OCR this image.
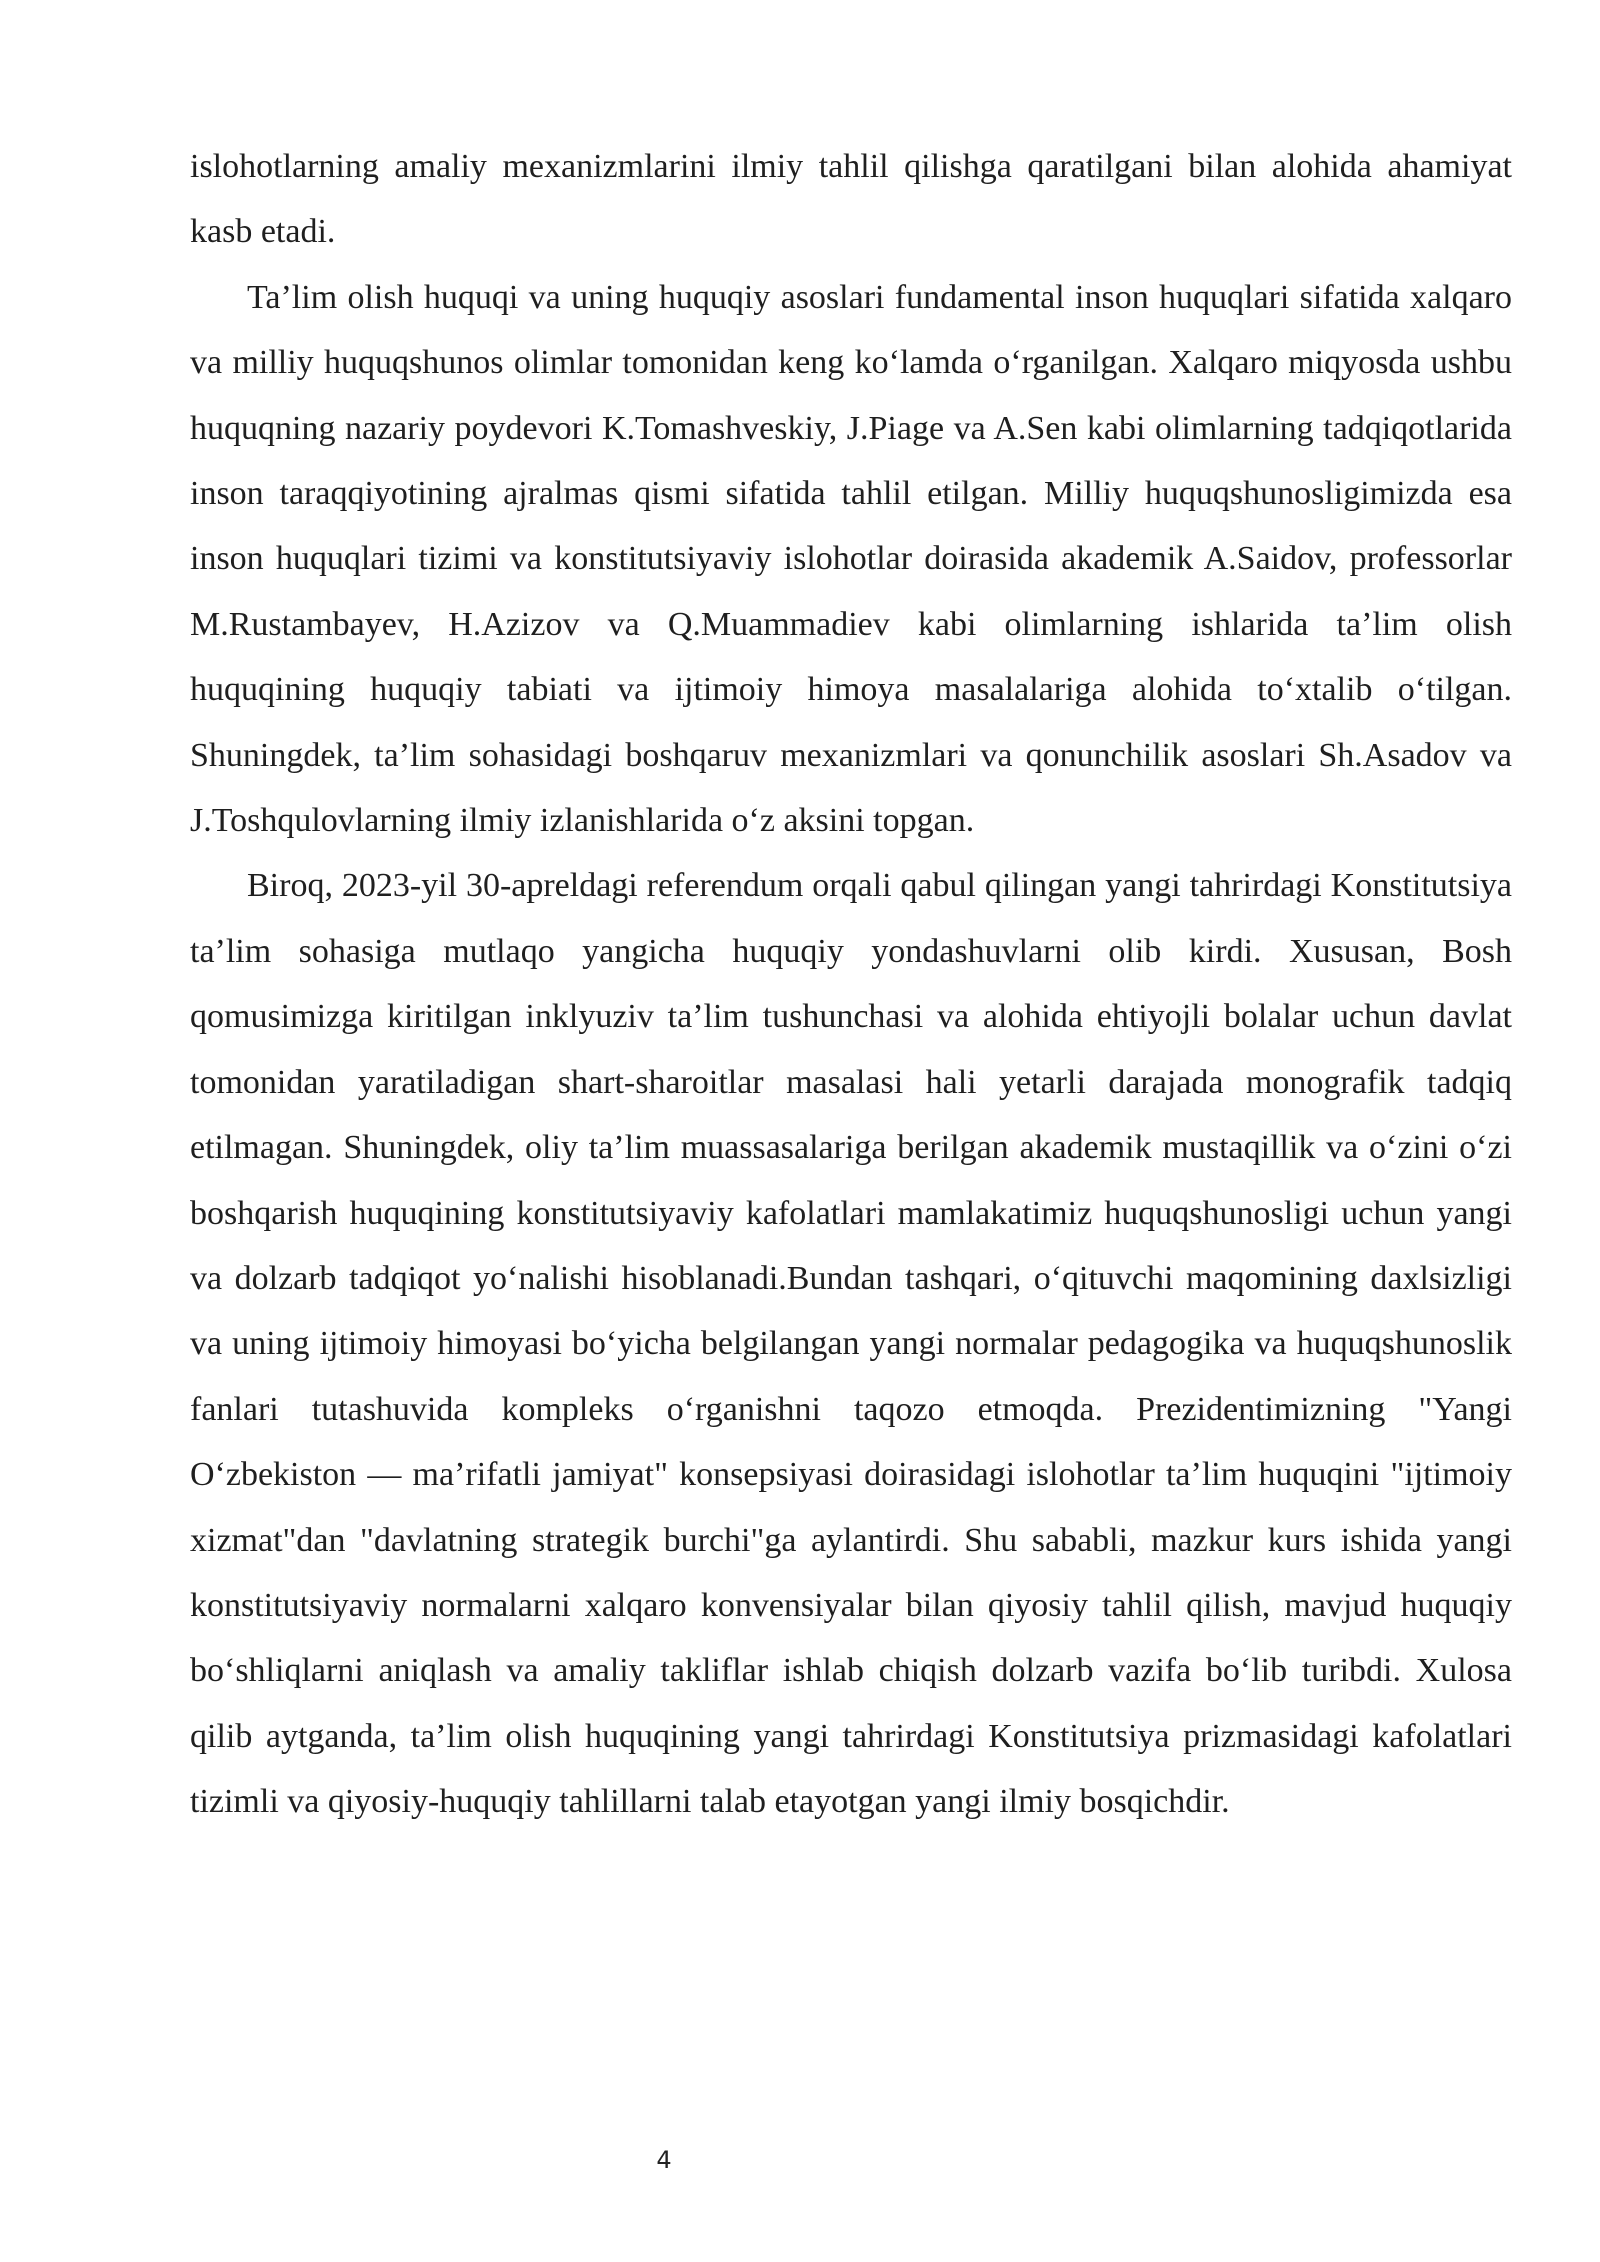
islohotlarning amaliy mexanizmlarini ilmiy tahlil qilishga qaratilgani bilan alohida ahamiyat kasb etadi.

Ta’lim olish huquqi va uning huquqiy asoslari fundamental inson huquqlari sifatida xalqaro va milliy huquqshunos olimlar tomonidan keng ko‘lamda o‘rganilgan. Xalqaro miqyosda ushbu huquqning nazariy poydevori K.Tomashveskiy, J.Piage va A.Sen kabi olimlarning tadqiqotlarida inson taraqqiyotining ajralmas qismi sifatida tahlil etilgan. Milliy huquqshunosligimizda esa inson huquqlari tizimi va konstitutsiyaviy islohotlar doirasida akademik A.Saidov, professorlar M.Rustambayev, H.Azizov va Q.Muammadiev kabi olimlarning ishlarida ta’lim olish huquqining huquqiy tabiati va ijtimoiy himoya masalalariga alohida to‘xtalib o‘tilgan. Shuningdek, ta’lim sohasidagi boshqaruv mexanizmlari va qonunchilik asoslari Sh.Asadov va J.Toshqulovlarning ilmiy izlanishlarida o‘z aksini topgan.

Biroq, 2023-yil 30-apreldagi referendum orqali qabul qilingan yangi tahrirdagi Konstitutsiya ta’lim sohasiga mutlaqo yangicha huquqiy yondashuvlarni olib kirdi. Xususan, Bosh qomusimizga kiritilgan inklyuziv ta’lim tushunchasi va alohida ehtiyojli bolalar uchun davlat tomonidan yaratiladigan shart-sharoitlar masalasi hali yetarli darajada monografik tadqiq etilmagan. Shuningdek, oliy ta’lim muassasalariga berilgan akademik mustaqillik va o‘zini o‘zi boshqarish huquqining konstitutsiyaviy kafolatlari mamlakatimiz huquqshunosligi uchun yangi va dolzarb tadqiqot yo‘nalishi hisoblanadi.Bundan tashqari, o‘qituvchi maqomining daxlsizligi va uning ijtimoiy himoyasi bo‘yicha belgilangan yangi normalar pedagogika va huquqshunoslik fanlari tutashuvida kompleks o‘rganishni taqozo etmoqda. Prezidentimizning "Yangi O‘zbekiston — ma’rifatli jamiyat" konsepsiyasi doirasidagi islohotlar ta’lim huquqini "ijtimoiy xizmat"dan "davlatning strategik burchi"ga aylantirdi. Shu sababli, mazkur kurs ishida yangi konstitutsiyaviy normalarni xalqaro konvensiyalar bilan qiyosiy tahlil qilish, mavjud huquqiy bo‘shliqlarni aniqlash va amaliy takliflar ishlab chiqish dolzarb vazifa bo‘lib turibdi. Xulosa qilib aytganda, ta’lim olish huquqining yangi tahrirdagi Konstitutsiya prizmasidagi kafolatlari tizimli va qiyosiy-huquqiy tahlillarni talab etayotgan yangi ilmiy bosqichdir.

4
